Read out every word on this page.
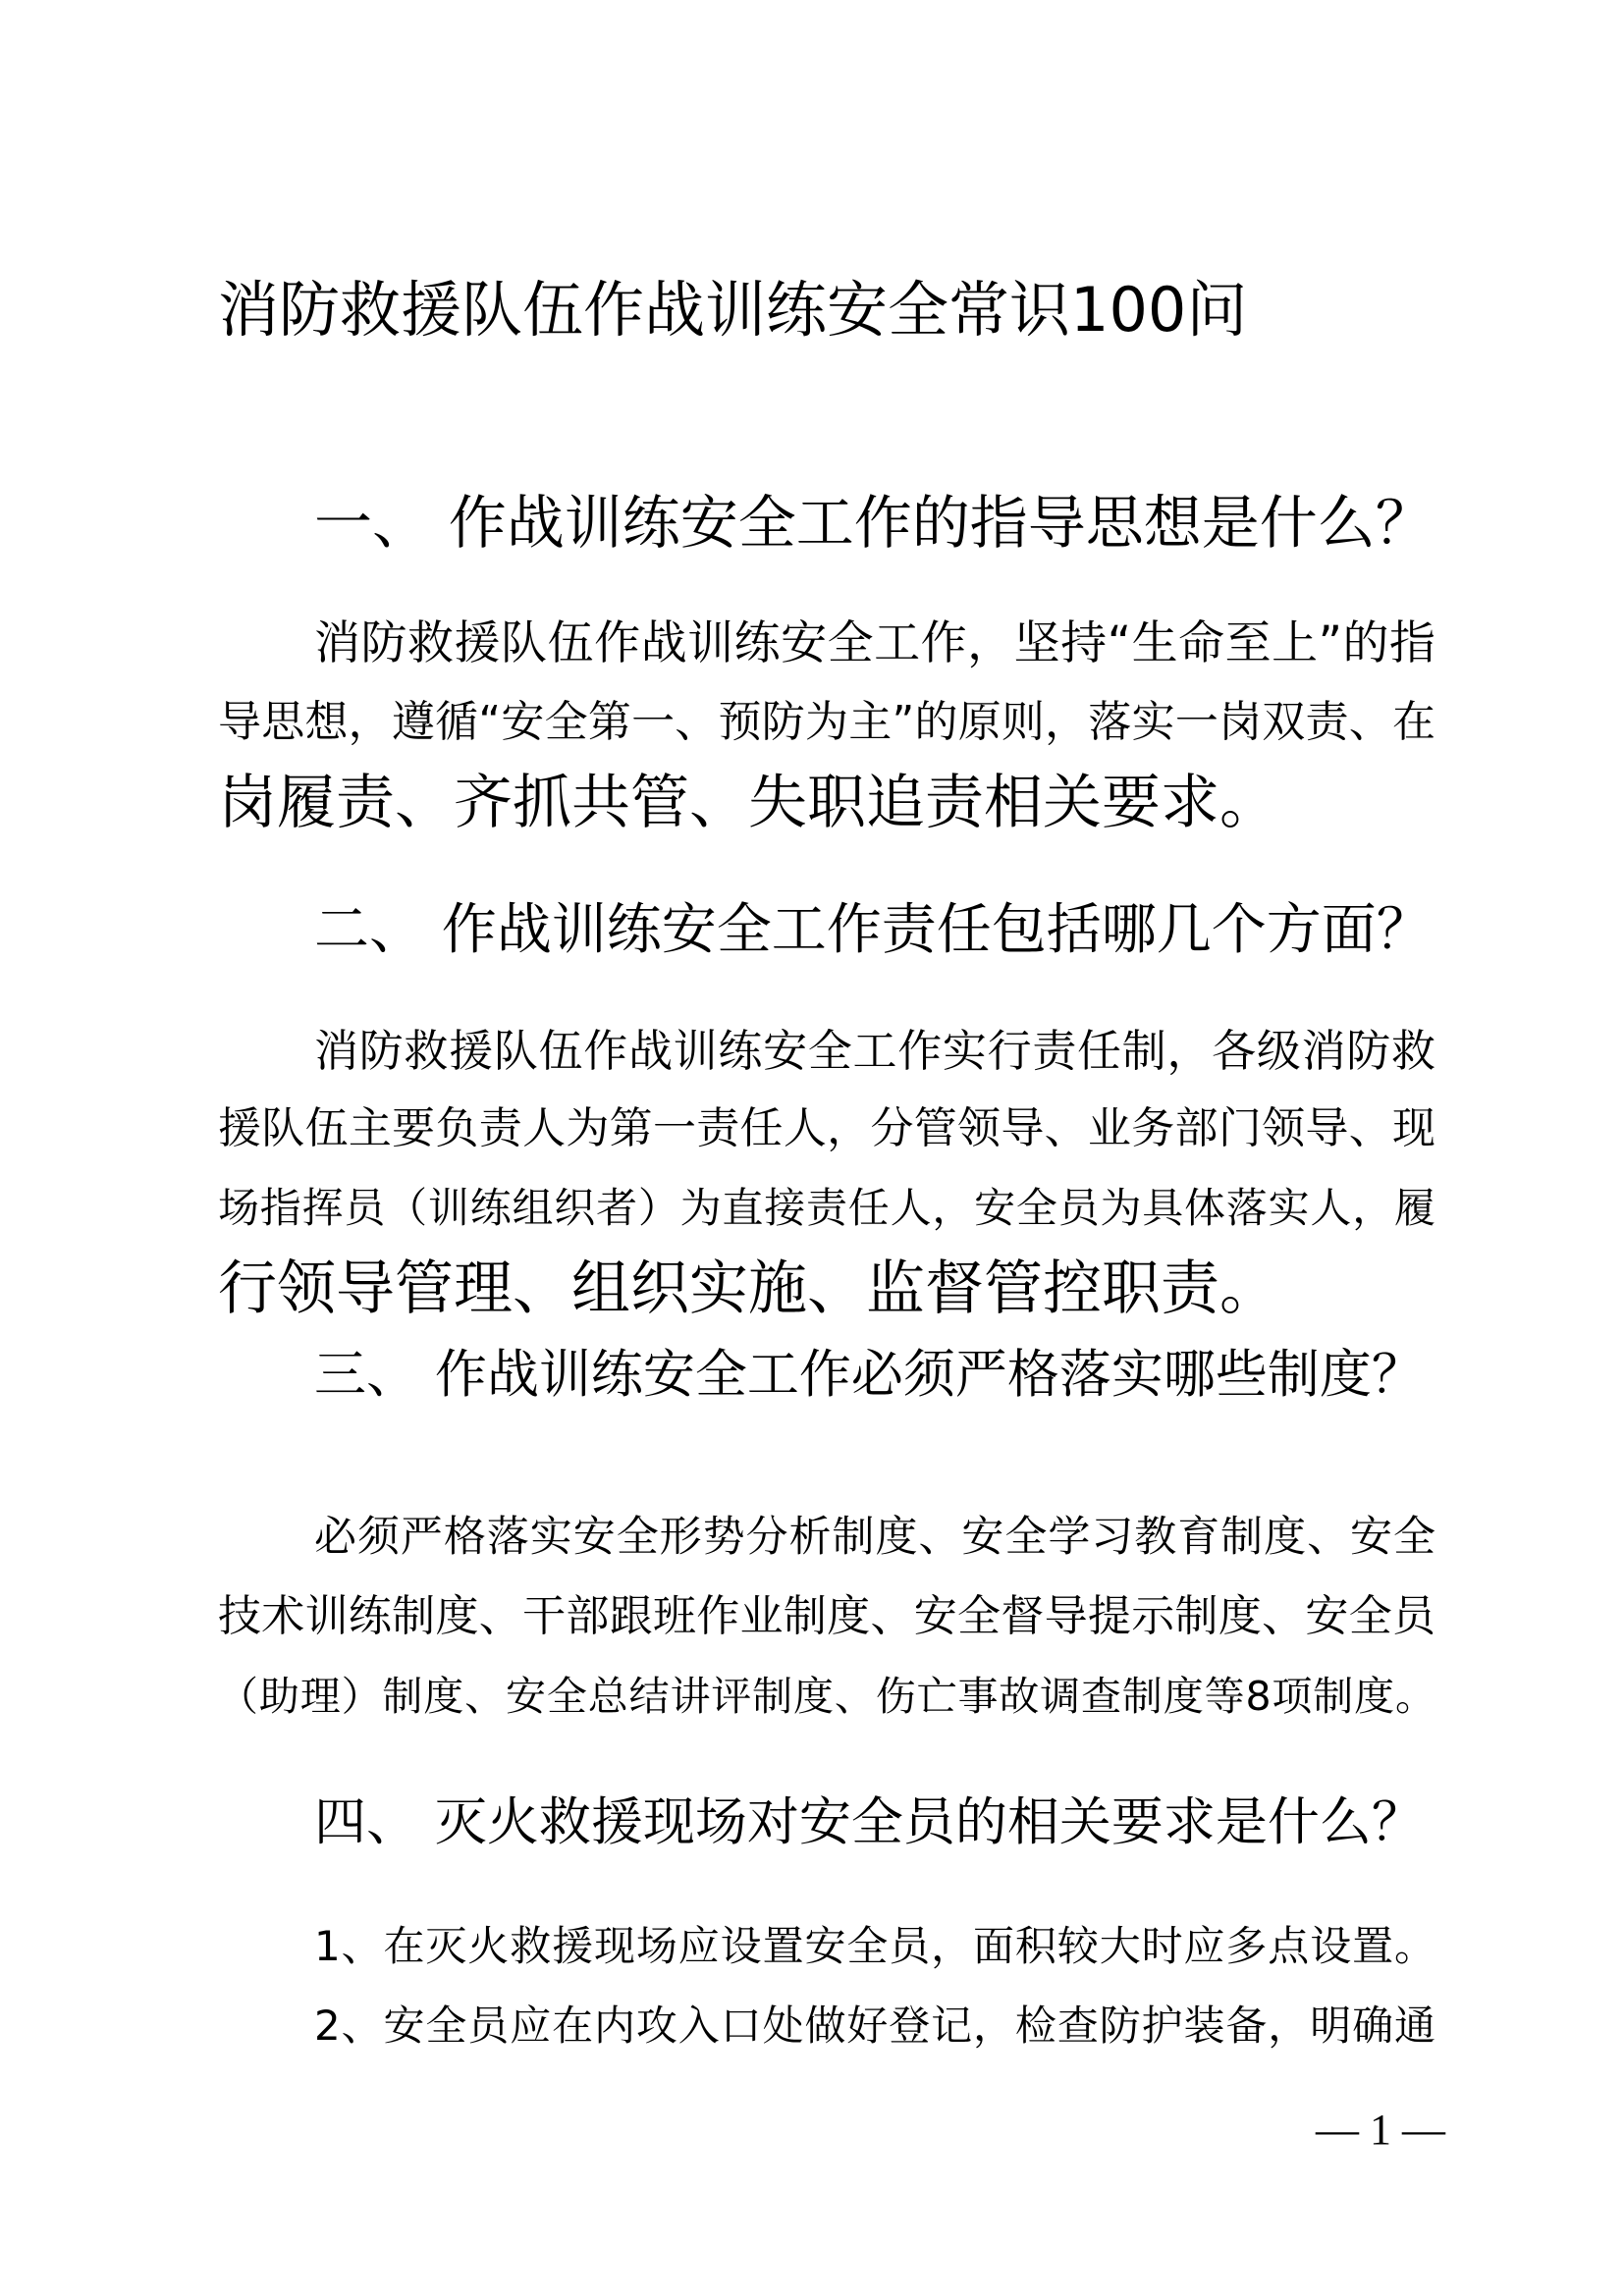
消防救援队伍作战训练安全常识100问
一、 作战训练安全工作的指导思想是什么？
消防救援队伍作战训练安全工作，坚持“生命至上”的指
导思想，遵循“安全第一、预防为主”的原则，落实一岗双责、在
岗履责、齐抓共管、失职追责相关要求。
二、 作战训练安全工作责任包括哪几个方面？
消防救援队伍作战训练安全工作实行责任制，各级消防救
援队伍主要负责人为第一责任人，分管领导、业务部门领导、现
场指挥员（训练组织者）为直接责任人，安全员为具体落实人，履
行领导管理、组织实施、监督管控职责。
三、 作战训练安全工作必须严格落实哪些制度？
必须严格落实安全形势分析制度、安全学习教育制度、安全
技术训练制度、干部跟班作业制度、安全督导提示制度、安全员
（助理）制度、安全总结讲评制度、伤亡事故调查制度等8项制度。
四、 灭火救援现场对安全员的相关要求是什么？
1、在灭火救援现场应设置安全员，面积较大时应多点设置。
2、安全员应在内攻入口处做好登记，检查防护装备，明确通
— 1 —
